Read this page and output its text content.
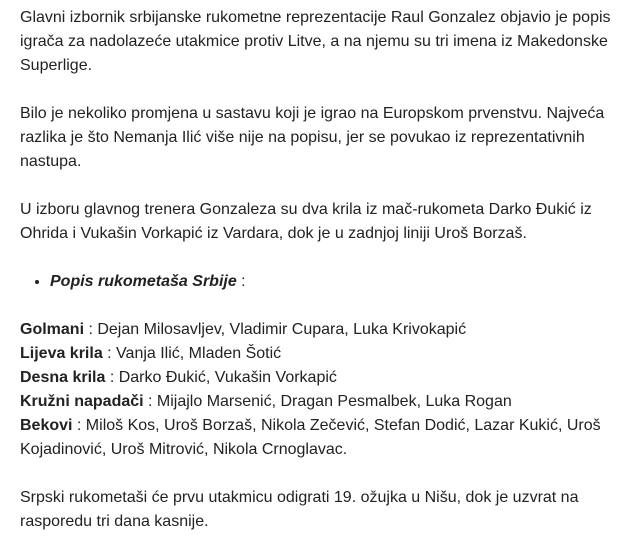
Glavni izbornik srbijanske rukometne reprezentacije Raul Gonzalez objavio je popis igrača za nadolazeće utakmice protiv Litve, a na njemu su tri imena iz Makedonske Superlige.

Bilo je nekoliko promjena u sastavu koji je igrao na Europskom prvenstvu. Najveća razlika je što Nemanja Ilić više nije na popisu, jer se povukao iz reprezentativnih nastupa.

U izboru glavnog trenera Gonzaleza su dva krila iz mač-rukometa Darko Đukić iz Ohrida i Vukašin Vorkapić iz Vardara, dok je u zadnjoj liniji Uroš Borzaš.

• Popis rukometaša Srbije :

Golmani : Dejan Milosavljev, Vladimir Cupara, Luka Krivokapić

Lijeva krila : Vanja Ilić, Mladen Šotić

Desna krila : Darko Đukić, Vukašin Vorkapić

Kružni napadači : Mijajlo Marsenić, Dragan Pesmalbek, Luka Rogan

Bekovi : Miloš Kos, Uroš Borzaš, Nikola Zečević, Stefan Dodić, Lazar Kukić, Uroš Kojadinović, Uroš Mitrović, Nikola Crnoglavac.

Srpski rukometaši će prvu utakmicu odigrati 19. ožujka u Nišu, dok je uzvrat na rasporedu tri dana kasnije.
